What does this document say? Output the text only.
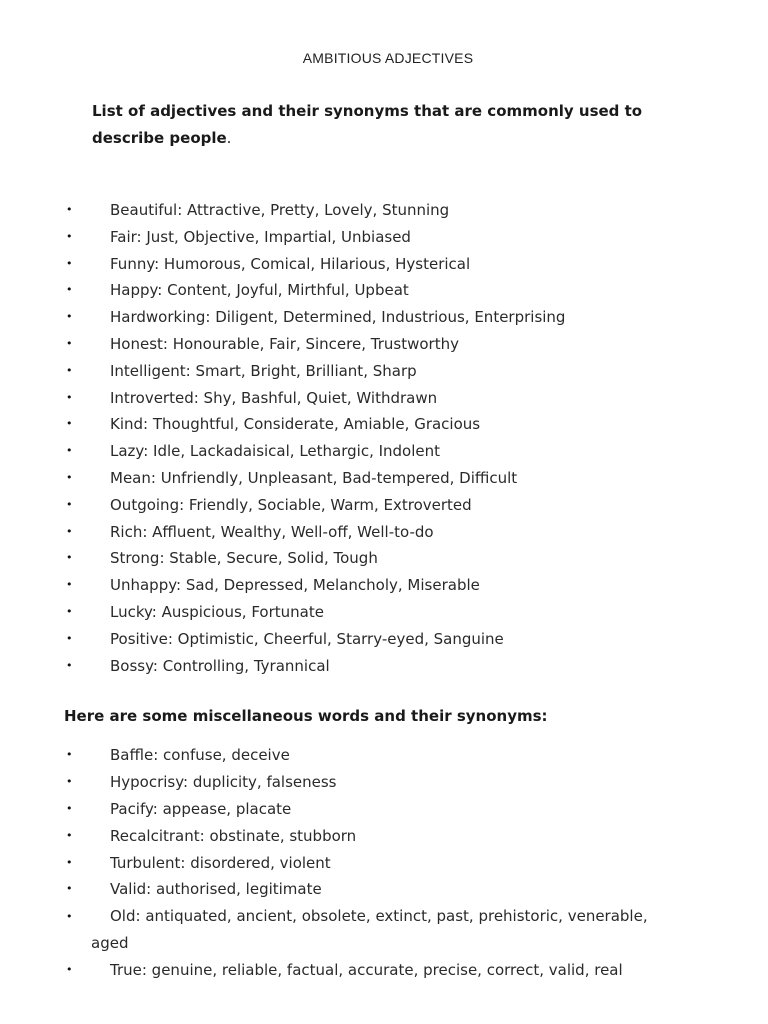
AMBITIOUS ADJECTIVES
List of adjectives and their synonyms that are commonly used to describe people.
•	Beautiful: Attractive, Pretty, Lovely, Stunning
•	Fair: Just, Objective, Impartial, Unbiased
•	Funny: Humorous, Comical, Hilarious, Hysterical
•	Happy: Content, Joyful, Mirthful, Upbeat
•	Hardworking: Diligent, Determined, Industrious, Enterprising
•	Honest: Honourable, Fair, Sincere, Trustworthy
•	Intelligent: Smart, Bright, Brilliant, Sharp
•	Introverted: Shy, Bashful, Quiet, Withdrawn
•	Kind: Thoughtful, Considerate, Amiable, Gracious
•	Lazy: Idle, Lackadaisical, Lethargic, Indolent
•	Mean: Unfriendly, Unpleasant, Bad-tempered, Difficult
•	Outgoing: Friendly, Sociable, Warm, Extroverted
•	Rich: Affluent, Wealthy, Well-off, Well-to-do
•	Strong: Stable, Secure, Solid, Tough
•	Unhappy: Sad, Depressed, Melancholy, Miserable
•	Lucky: Auspicious, Fortunate
•	Positive: Optimistic, Cheerful, Starry-eyed, Sanguine
•	Bossy: Controlling, Tyrannical
Here are some miscellaneous words and their synonyms:
•	Baffle: confuse, deceive
•	Hypocrisy: duplicity, falseness
•	Pacify: appease, placate
•	Recalcitrant: obstinate, stubborn
•	Turbulent: disordered, violent
•	Valid: authorised, legitimate
•	Old: antiquated, ancient, obsolete, extinct, past, prehistoric, venerable,
aged
•	True: genuine, reliable, factual, accurate, precise, correct, valid, real
